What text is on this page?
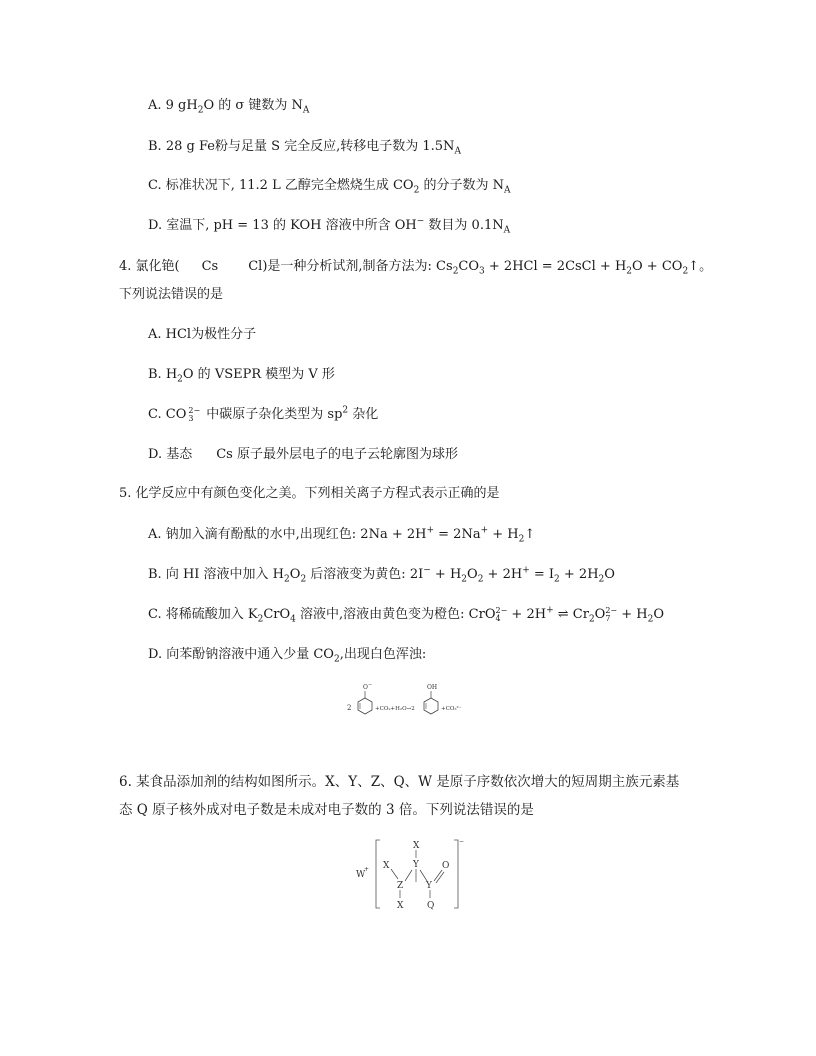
A. 9 $gH_2O$ 的 σ 键数为 $N_A$
B. 28 g Fe粉与足量 S 完全反应,转移电子数为 $1.5N_A$
C. 标准状况下, 11.2 L 乙醇完全燃烧生成 $CO_2$ 的分子数为 $N_A$
D. 室温下, pH = 13 的 KOH 溶液中所含 OH− 数目为 $0.1N_A$
4. 氯化铯( Cs Cl)是一种分析试剂,制备方法为: $Cs_2CO_3 + 2HCl$ = 2CsCl + $H_2O$ + $CO_2↑$。
下列说法错误的是
A. HCl为极性分子
B. $H_2O$ 的 VSEPR 模型为 V 形
C. CO 2−
3 中碳原子杂化类型为 $sp^2$ 杂化
D. 基态 Cs 原子最外层电子的电子云轮廓图为球形
5. 化学反应中有颜色变化之美。下列相关离子方程式表示正确的是
A. 钠加入滴有酚酞的水中,出现红色: $2Na + 2H^+ = 2Na^+ + H_2↑$
B. 向 HI 溶液中加入 $H_2O_2$ 后溶液变为黄色: $2I^- + H_2O_2 + 2H^+ = I_2 + 2H_2O$
C. 将稀硫酸加入 $K_2CrO_4$ 溶液中,溶液由黄色变为橙色: CrO 2−
4 + 2H+ ⇌ $Cr_2O$ 2−
$7 + H_2O$
D. 向苯酚钠溶液中通入少量 $CO_2$,出现白色浑浊:
2
O −
+CO₂+H₂O→2
OH
+CO₃²⁻
6. 某食品添加剂的结构如图所示。X、Y、Z、Q、W 是原子序数依次增大的短周期主族元素基
态 Q 原子核外成对电子数是未成对电子数的 3 倍。下列说法错误的是
W
+
−
X
Y
X
Z
X
Y
O
Q
